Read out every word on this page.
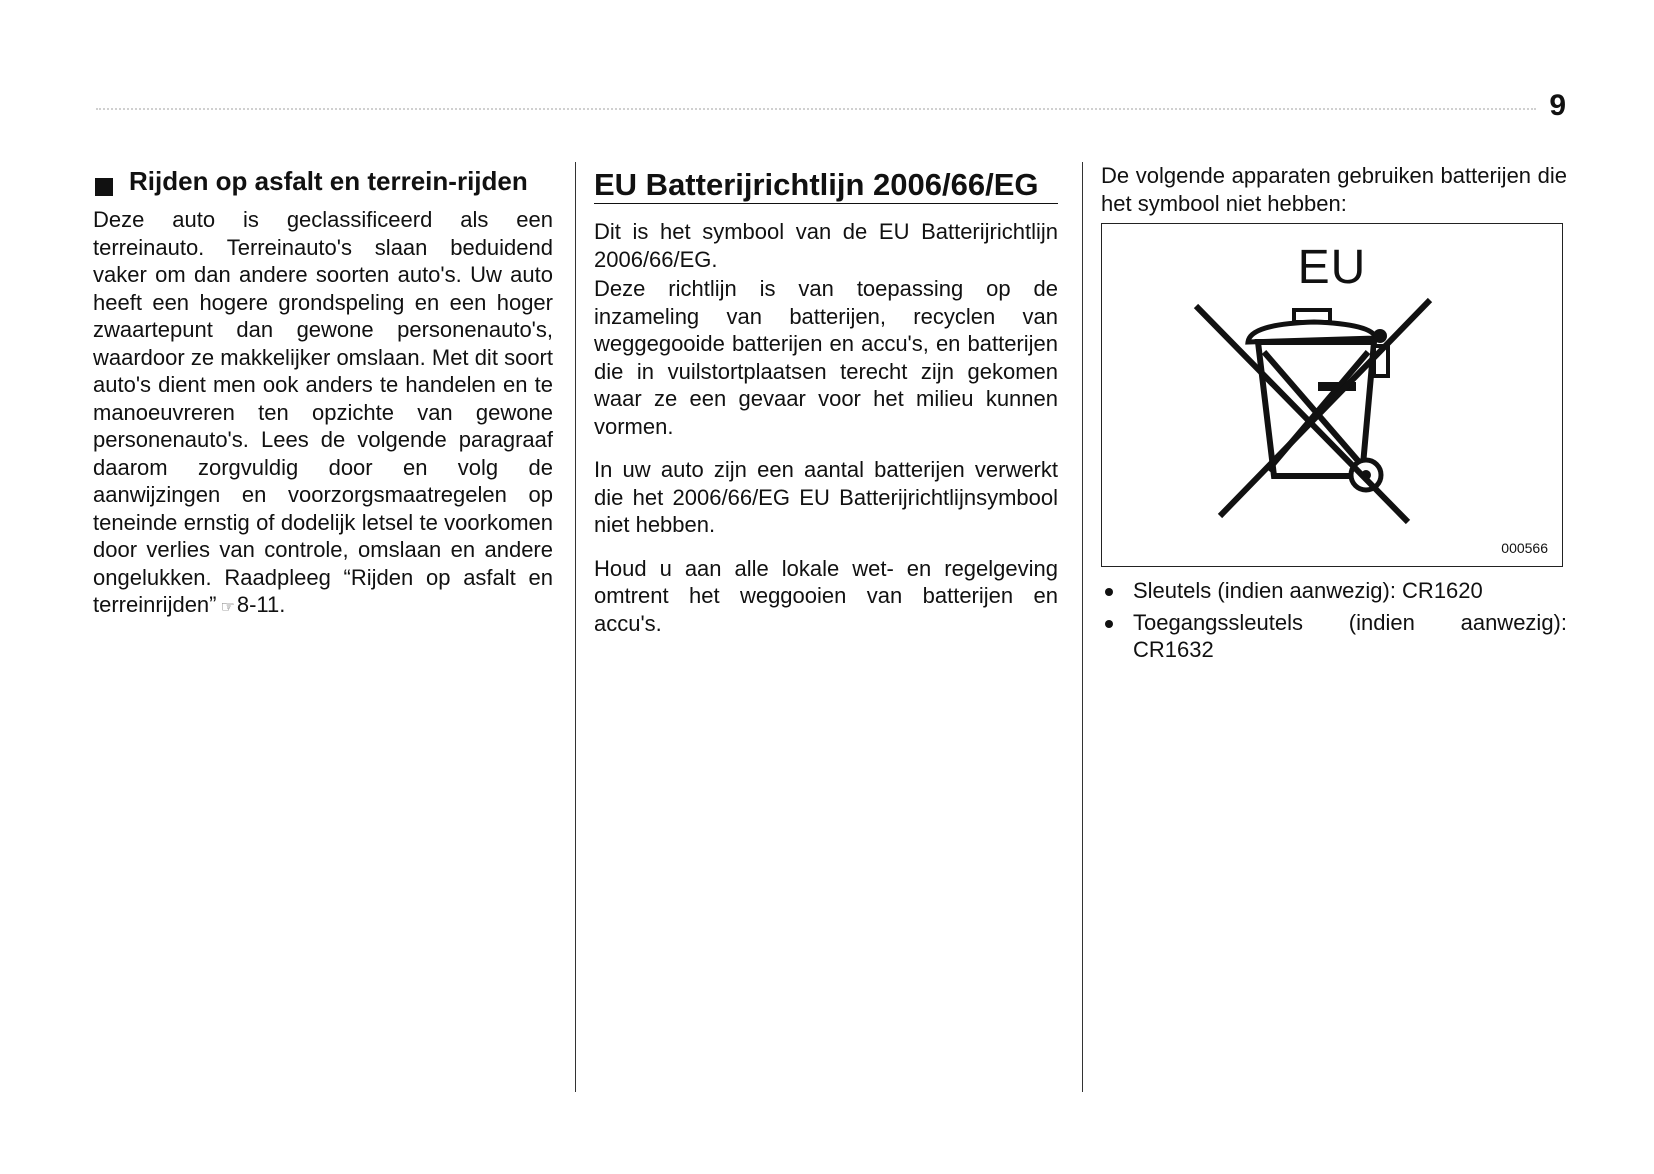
9
Rijden op asfalt en terrein-rijden

Deze auto is geclassificeerd als een terreinauto. Terreinauto's slaan beduidend vaker om dan andere soorten auto's. Uw auto heeft een hogere grondspeling en een hoger zwaartepunt dan gewone personenauto's, waardoor ze makkelijker omslaan. Met dit soort auto's dient men ook anders te handelen en te manoeuvreren ten opzichte van gewone personenauto's. Lees de volgende paragraaf daarom zorgvuldig door en volg de aanwijzingen en voorzorgsmaatregelen op teneinde ernstig of dodelijk letsel te voorkomen door verlies van controle, omslaan en andere ongelukken. Raadpleeg “Rijden op asfalt en terreinrijden” ☞8-11.

EU Batterijrichtlijn 2006/66/EG

Dit is het symbool van de EU Batterijrichtlijn 2006/66/EG.

Deze richtlijn is van toepassing op de inzameling van batterijen, recyclen van weggegooide batterijen en accu's, en batterijen die in vuilstortplaatsen terecht zijn gekomen waar ze een gevaar voor het milieu kunnen vormen.

In uw auto zijn een aantal batterijen verwerkt die het 2006/66/EG EU Batterijrichtlijnsymbool niet hebben.

Houd u aan alle lokale wet- en regelgeving omtrent het weggooien van batterijen en accu's.

De volgende apparaten gebruiken batterijen die het symbool niet hebben:

EU
000566
Sleutels (indien aanwezig): CR1620
Toegangssleutels (indien aanwezig): CR1632
